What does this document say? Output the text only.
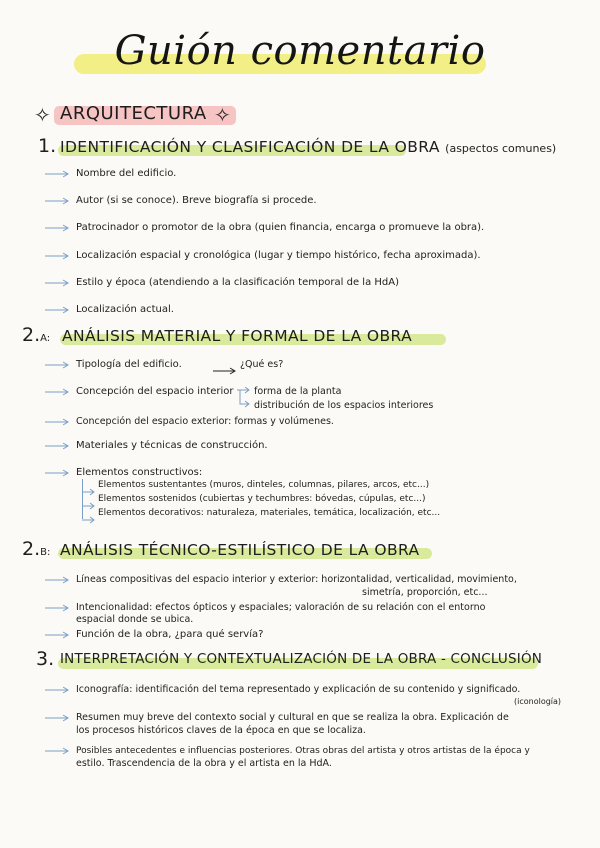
Guión comentario
✧ ARQUITECTURA ✧
1. IDENTIFICACIÓN Y CLASIFICACIÓN DE LA OBRA (aspectos comunes)
Nombre del edificio.
Autor (si se conoce). Breve biografía si procede.
Patrocinador o promotor de la obra (quien financia, encarga o promueve la obra).
Localización espacial y cronológica (lugar y tiempo histórico, fecha aproximada).
Estilo y época (atendiendo a la clasificación temporal de la HdA)
Localización actual.
2.A: ANÁLISIS MATERIAL Y FORMAL DE LA OBRA
Tipología del edificio.	¿Qué es?
Concepción del espacio interior forma de la planta
distribución de los espacios interiores
Concepción del espacio exterior: formas y volúmenes.
Materiales y técnicas de construcción.
Elementos constructivos:
Elementos sustentantes (muros, dinteles, columnas, pilares, arcos, etc...)
Elementos sostenidos (cubiertas y techumbres: bóvedas, cúpulas, etc...)
Elementos decorativos: naturaleza, materiales, temática, localización, etc...
2.B: ANÁLISIS TÉCNICO-ESTILÍSTICO DE LA OBRA
Líneas compositivas del espacio interior y exterior: horizontalidad, verticalidad, movimiento,
simetría, proporción, etc...
Intencionalidad: efectos ópticos y espaciales; valoración de su relación con el entorno
espacial donde se ubica.
Función de la obra, ¿para qué servía?
3. INTERPRETACIÓN Y CONTEXTUALIZACIÓN DE LA OBRA - CONCLUSIÓN
Iconografía: identificación del tema representado y explicación de su contenido y significado.
(iconología)
Resumen muy breve del contexto social y cultural en que se realiza la obra. Explicación de
los procesos históricos claves de la época en que se localiza.
Posibles antecedentes e influencias posteriores. Otras obras del artista y otros artistas de la época y
estilo. Trascendencia de la obra y el artista en la HdA.
